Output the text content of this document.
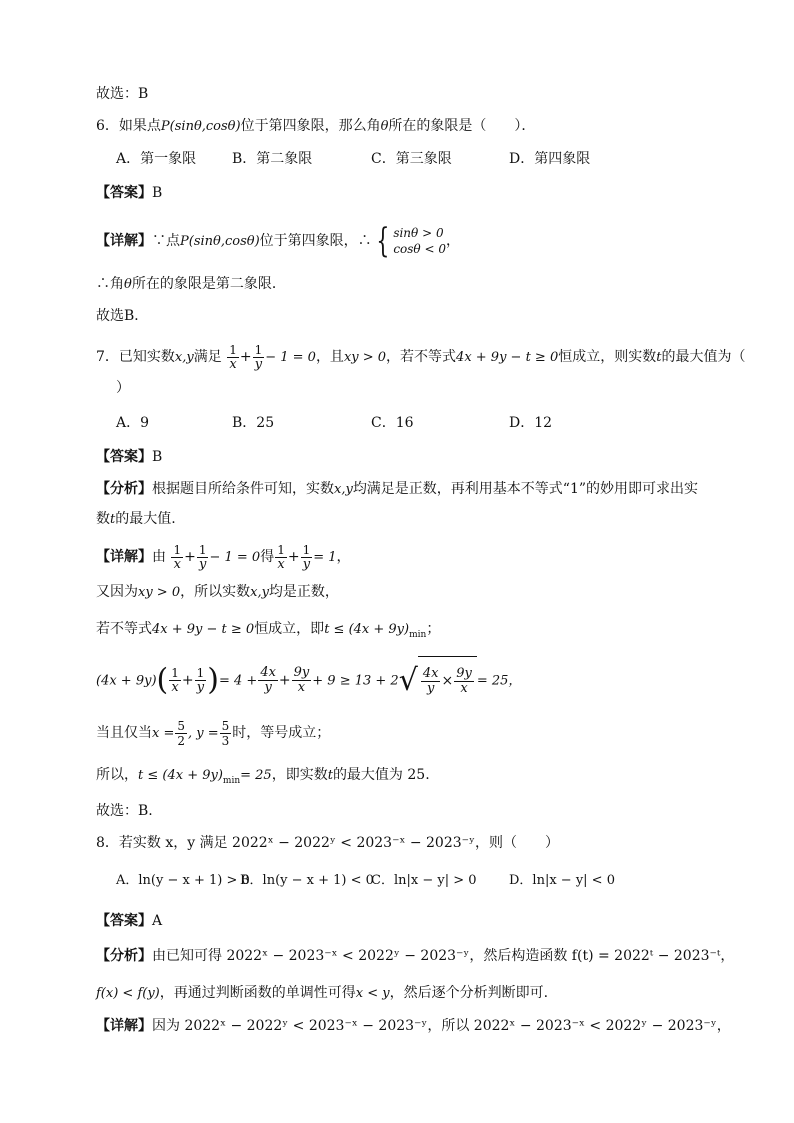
故选：B
6．如果点P(sinθ,cosθ)位于第四象限，那么角θ所在的象限是（　　）．
A．第一象限	B．第二象限	C．第三象限	D．第四象限
【答案】B
【详解】∵点P(sinθ,cosθ)位于第四象限，∴ { sinθ > 0
cosθ < 0 ，
∴角θ所在的象限是第二象限．
故选B．
7．已知实数x,y满足 $\frac{1}{x} + \frac{1}{y} - 1 = 0$，且xy > 0，若不等式4x + 9y − t ≥ 0恒成立，则实数t的最大值为（
）
A．9	B．25	C．16	D．12
【答案】B
【分析】根据题目所给条件可知，实数x,y均满足是正数，再利用基本不等式“1”的妙用即可求出实
数t的最大值.
【详解】由 $\frac{1}{x} + \frac{1}{y} - 1 = 0$得 $\frac{1}{x} + \frac{1}{y} = 1$，
又因为xy > 0，所以实数x,y均是正数，
若不等式4x + 9y − t ≥ 0恒成立，即$t \le (4x + 9y)_{min}$；
$(4x + 9y)( \frac{1}{x} + \frac{1}{y}$ )= $4 + \frac{4x}{y} + \frac{9y}{x} + 9 \ge 13 + 2$ √ $\frac{4x}{y} \times \frac{9y}{x} = 25$，
当且仅当$x = \frac{5}{2}$ , $y = \frac{5}{3}$ 时，等号成立；
所以，$t \le (4x + 9y)_{min}= 25$，即实数t的最大值为 25.
故选：B.
8．若实数 x，y 满足 2022ˣ − 2022ʸ < 2023⁻ˣ − 2023⁻ʸ，则（　　）
A．ln(y − x + 1) > 0
B．ln(y − x + 1) < 0
C．ln|x − y| > 0	D．ln|x − y| < 0
【答案】A
【分析】由已知可得 2022ˣ − 2023⁻ˣ < 2022ʸ − 2023⁻ʸ，然后构造函数 f(t) = 2022ᵗ − 2023⁻ᵗ，
f(x) < f(y)，再通过判断函数的单调性可得x < y，然后逐个分析判断即可.
【详解】因为 2022ˣ − 2022ʸ < 2023⁻ˣ − 2023⁻ʸ，所以 2022ˣ − 2023⁻ˣ < 2022ʸ − 2023⁻ʸ，
